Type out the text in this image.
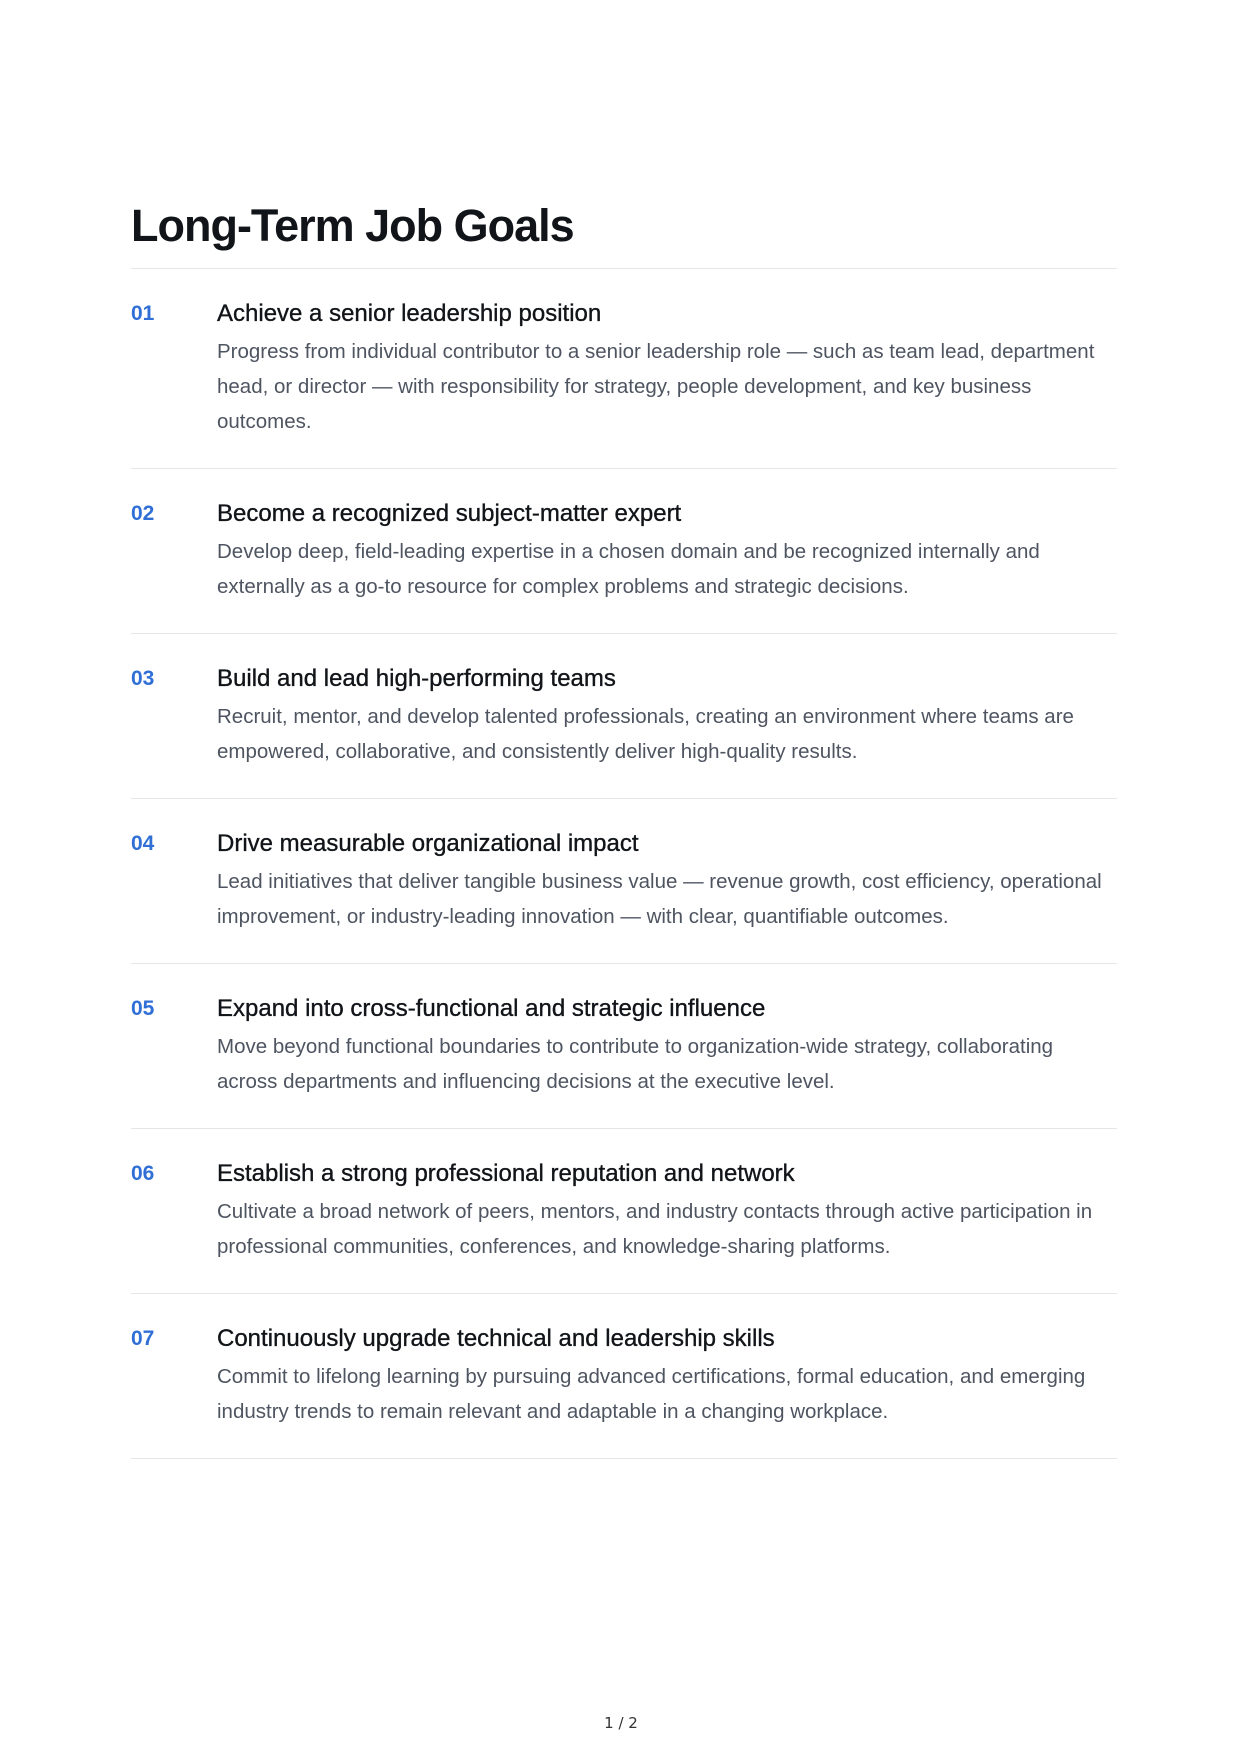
Long-Term Job Goals
01	Achieve a senior leadership position

Progress from individual contributor to a senior leadership role — such as team lead, department head, or director — with responsibility for strategy, people development, and key business outcomes.

02	Become a recognized subject-matter expert

Develop deep, field-leading expertise in a chosen domain and be recognized internally and externally as a go-to resource for complex problems and strategic decisions.

03	Build and lead high-performing teams

Recruit, mentor, and develop talented professionals, creating an environment where teams are empowered, collaborative, and consistently deliver high-quality results.

04	Drive measurable organizational impact

Lead initiatives that deliver tangible business value — revenue growth, cost efficiency, operational improvement, or industry-leading innovation — with clear, quantifiable outcomes.

05	Expand into cross-functional and strategic influence

Move beyond functional boundaries to contribute to organization-wide strategy, collaborating across departments and influencing decisions at the executive level.

06	Establish a strong professional reputation and network

Cultivate a broad network of peers, mentors, and industry contacts through active participation in professional communities, conferences, and knowledge-sharing platforms.

07	Continuously upgrade technical and leadership skills

Commit to lifelong learning by pursuing advanced certifications, formal education, and emerging industry trends to remain relevant and adaptable in a changing workplace.

1 / 2
